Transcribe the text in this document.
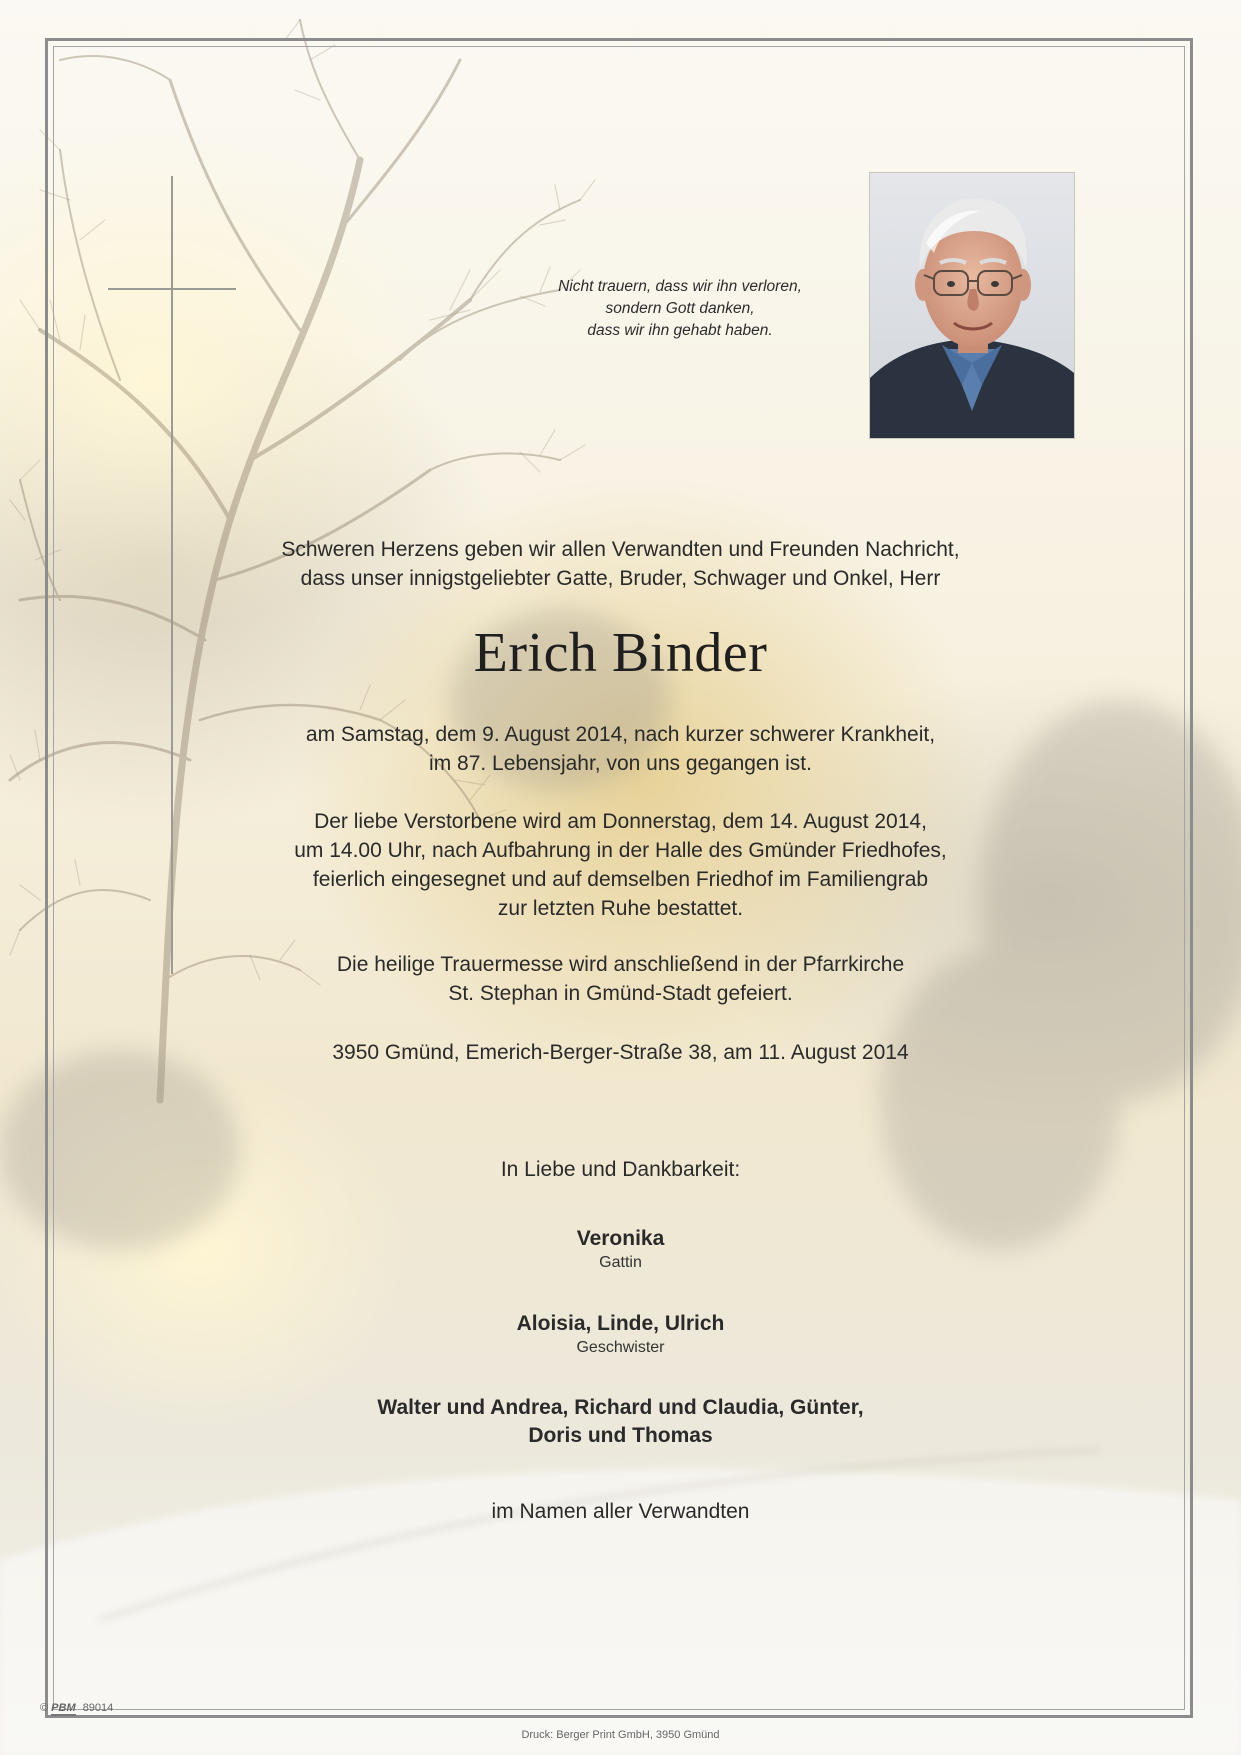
Nicht trauern, dass wir ihn verloren,
sondern Gott danken,
dass wir ihn gehabt haben.
Schweren Herzens geben wir allen Verwandten und Freunden Nachricht,
dass unser innigstgeliebter Gatte, Bruder, Schwager und Onkel, Herr
Erich Binder
am Samstag, dem 9. August 2014, nach kurzer schwerer Krankheit,
im 87. Lebensjahr, von uns gegangen ist.
Der liebe Verstorbene wird am Donnerstag, dem 14. August 2014,
um 14.00 Uhr, nach Aufbahrung in der Halle des Gmünder Friedhofes,
feierlich eingesegnet und auf demselben Friedhof im Familiengrab
zur letzten Ruhe bestattet.
Die heilige Trauermesse wird anschließend in der Pfarrkirche
St. Stephan in Gmünd-Stadt gefeiert.
3950 Gmünd, Emerich-Berger-Straße 38, am 11. August 2014
In Liebe und Dankbarkeit:
Veronika
Gattin
Aloisia, Linde, Ulrich
Geschwister
Walter und Andrea, Richard und Claudia, Günter,
Doris und Thomas
im Namen aller Verwandten
© PBM 89014
Druck: Berger Print GmbH, 3950 Gmünd
